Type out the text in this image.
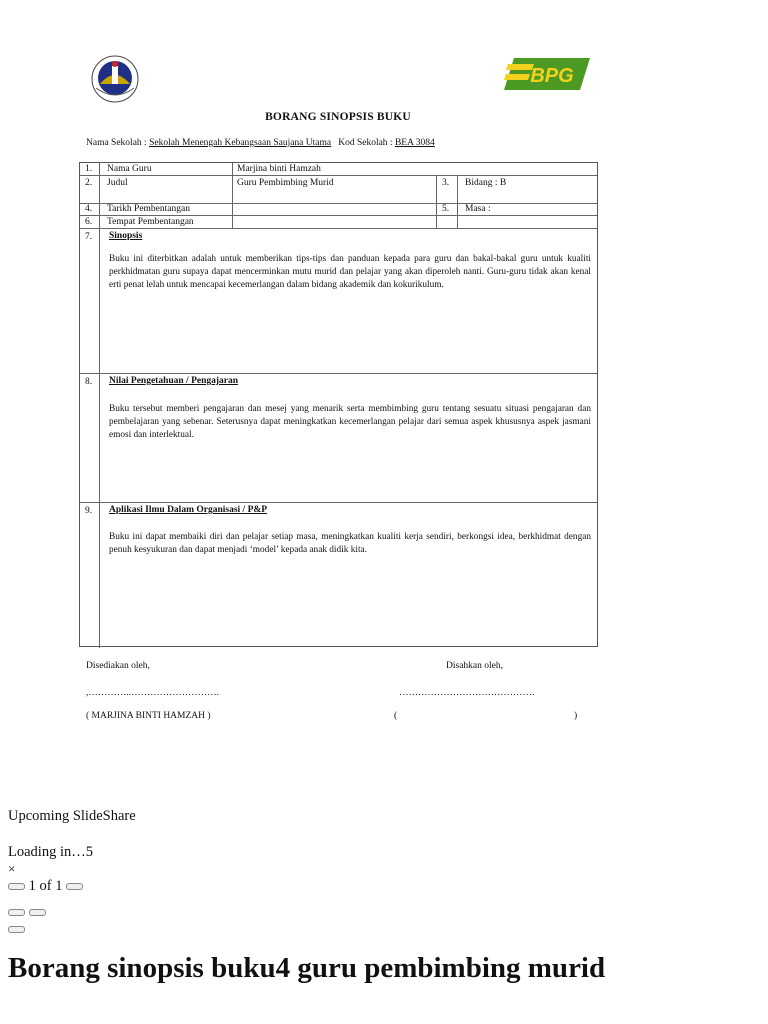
BPG
BORANG SINOPSIS BUKU
Nama Sekolah : Sekolah Menengah Kebangsaan Saujana Utama Kod Sekolah : BEA 3084
1. Nama Guru	Marjina binti Hamzah
2. Judul	Guru Pembimbing Murid	3. Bidang : B
4. Tarikh Pembentangan	5. Masa :
6. Tempat Pembentangan
7. Sinopsis
Buku ini diterbitkan adalah untuk memberikan tips-tips dan panduan kepada para guru dan bakal-bakal guru untuk kualiti perkhidmatan guru supaya dapat mencerminkan mutu murid dan pelajar yang akan diperoleh nanti. Guru-guru tidak akan kenal erti penat lelah untuk mencapai kecemerlangan dalam bidang akademik dan kokurikulum.
8. Nilai Pengetahuan / Pengajaran
Buku tersebut memberi pengajaran dan mesej yang menarik serta membimbing guru tentang sesuatu situasi pengajaran dan pembelajaran yang sebenar. Seterusnya dapat meningkatkan kecemerlangan pelajar dari semua aspek khususnya aspek jasmani emosi dan interlektual.
9. Aplikasi Ilmu Dalam Organisasi / P&P
Buku ini dapat membaiki diri dan pelajar setiap masa, meningkatkan kualiti kerja sendiri, berkongsi idea, berkhidmat dengan penuh kesyukuran dan dapat menjadi ‘model’ kepada anak didik kita.
Disediakan oleh,	Disahkan oleh,
,…………..……………………….	…………………………………….
( MARJINA BINTI HAMZAH )	(	)
Upcoming SlideShare
Loading in…5
×
1 of 1

Borang sinopsis buku4 guru pembimbing murid
